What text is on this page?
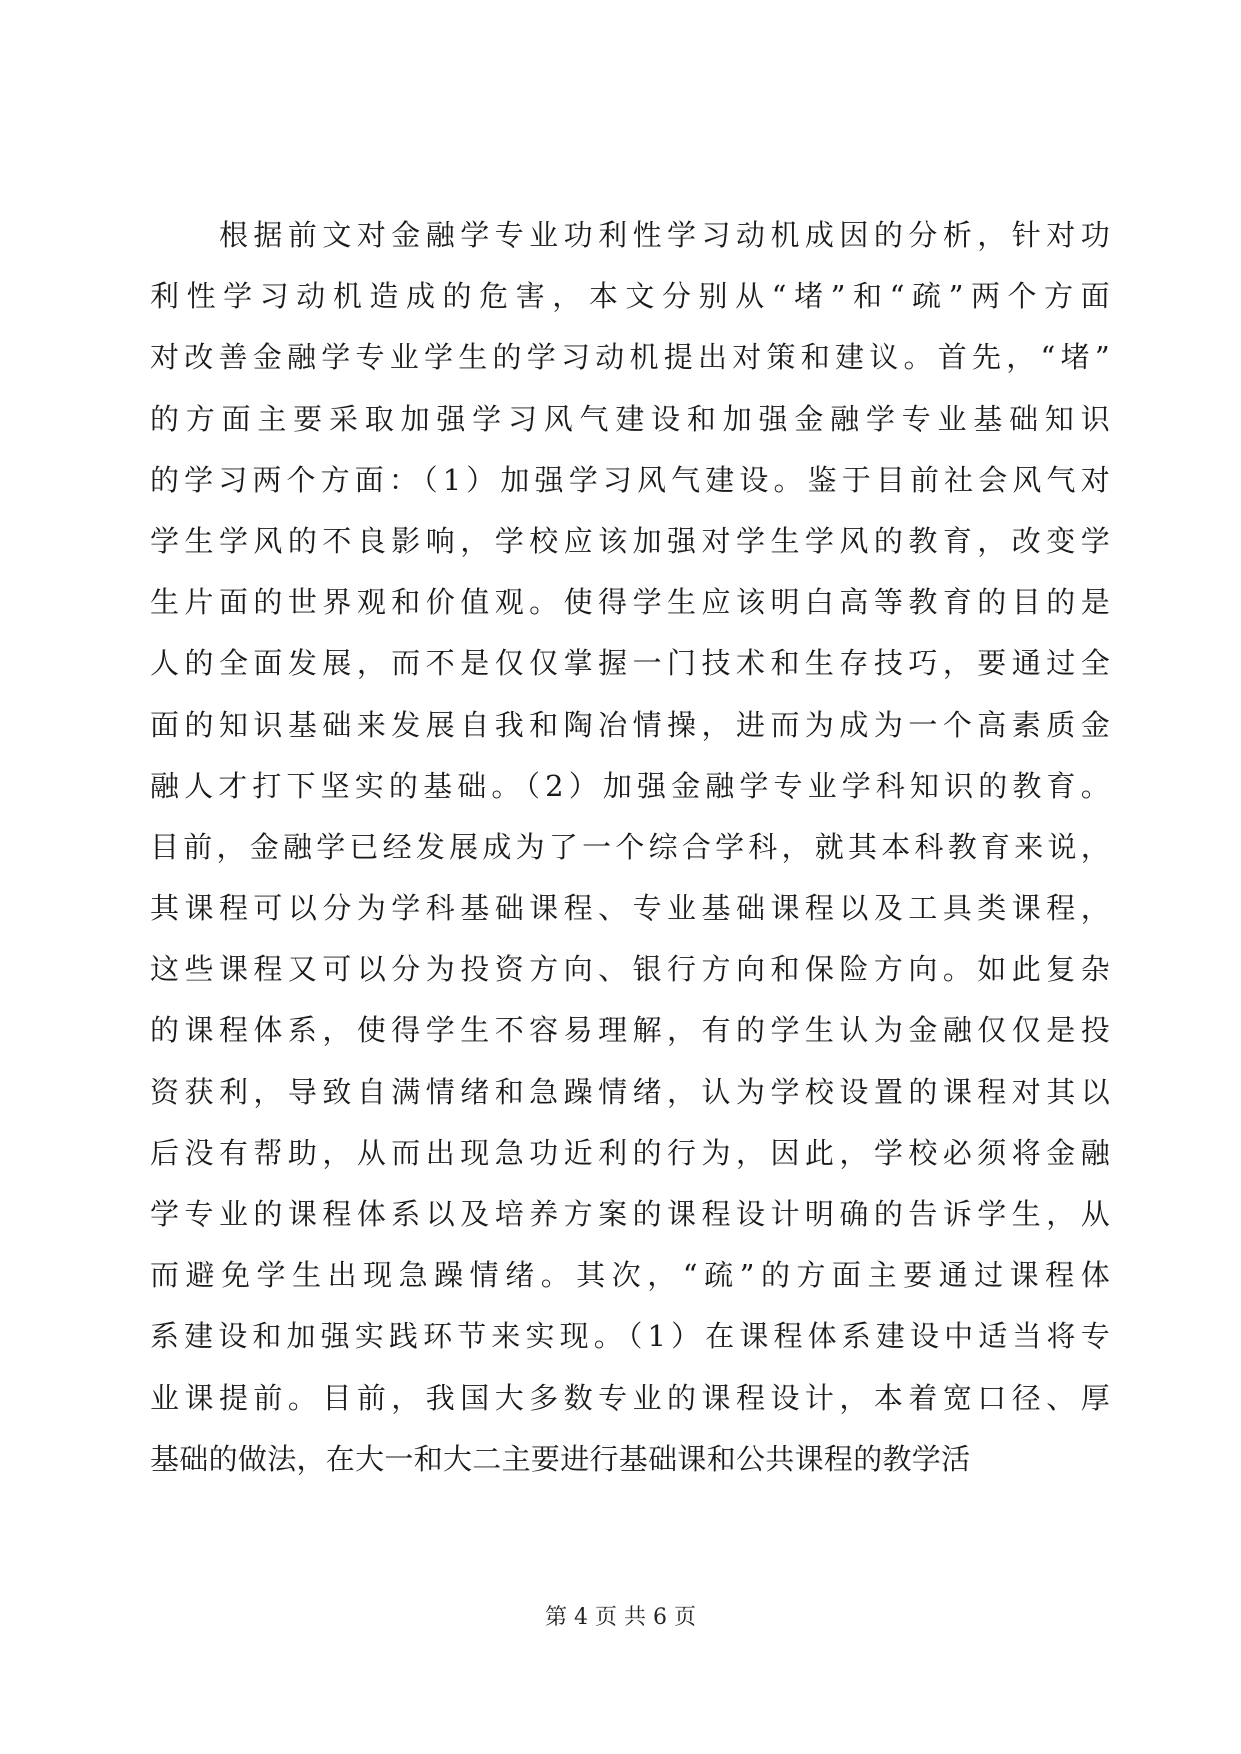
　　根据前文对金融学专业功利性学习动机成因的分析，针对功
利性学习动机造成的危害，本文分别从“堵”和“疏”两个方面
对改善金融学专业学生的学习动机提出对策和建议。首先，“堵”
的方面主要采取加强学习风气建设和加强金融学专业基础知识
的学习两个方面：（1）加强学习风气建设。鉴于目前社会风气对
学生学风的不良影响，学校应该加强对学生学风的教育，改变学
生片面的世界观和价值观。使得学生应该明白高等教育的目的是
人的全面发展，而不是仅仅掌握一门技术和生存技巧，要通过全
面的知识基础来发展自我和陶冶情操，进而为成为一个高素质金
融人才打下坚实的基础。（2）加强金融学专业学科知识的教育。
目前，金融学已经发展成为了一个综合学科，就其本科教育来说，
其课程可以分为学科基础课程、专业基础课程以及工具类课程，
这些课程又可以分为投资方向、银行方向和保险方向。如此复杂
的课程体系，使得学生不容易理解，有的学生认为金融仅仅是投
资获利，导致自满情绪和急躁情绪，认为学校设置的课程对其以
后没有帮助，从而出现急功近利的行为，因此，学校必须将金融
学专业的课程体系以及培养方案的课程设计明确的告诉学生，从
而避免学生出现急躁情绪。其次，“疏”的方面主要通过课程体
系建设和加强实践环节来实现。（1）在课程体系建设中适当将专
业课提前。目前，我国大多数专业的课程设计，本着宽口径、厚
基础的做法，在大一和大二主要进行基础课和公共课程的教学活
第 4 页 共 6 页
